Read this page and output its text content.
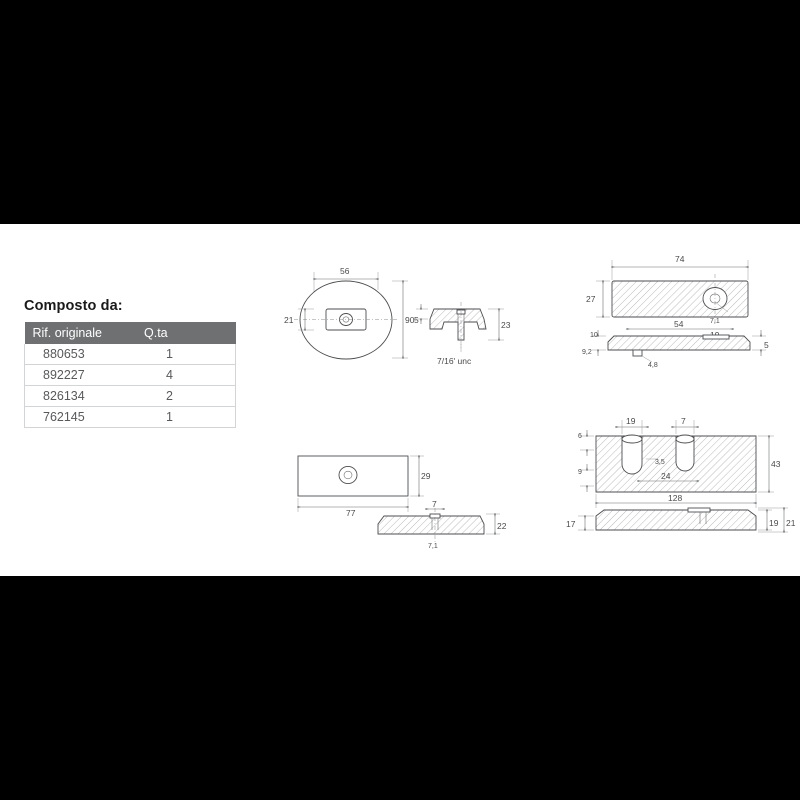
Composto da:
Rif. originale	Q.ta
880653	1
892227	4
826134	2
762145	1
56
21	90 5	23
7/16' unc
74
27
7,1
54
5
10
9,2
4,8
29
77
7
22
7,1
19	7
6
9
3,5
24
43
128
17	19 21
